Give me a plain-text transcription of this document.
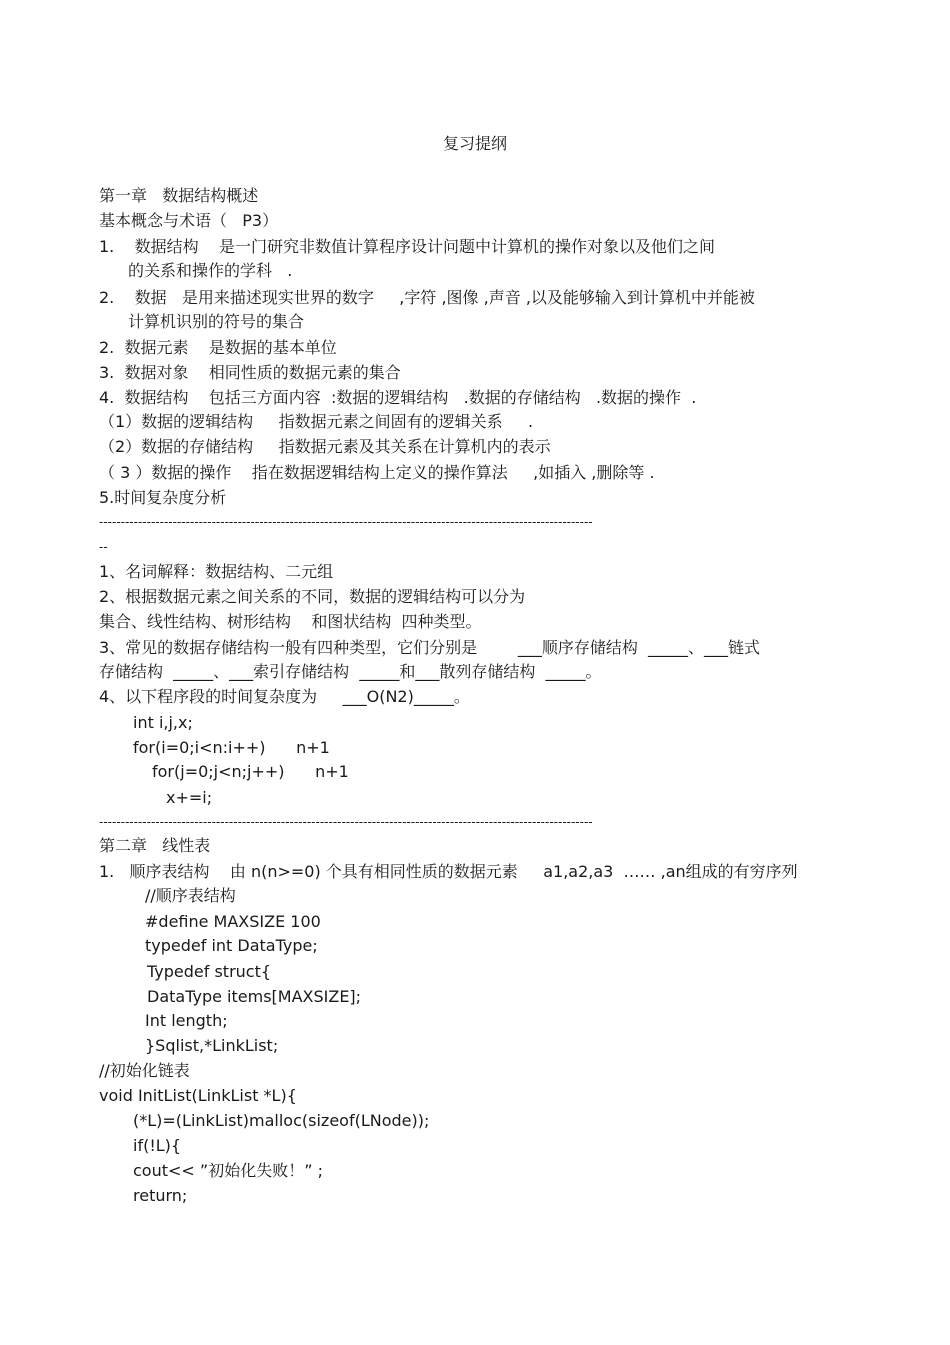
复习提纲
第一章   数据结构概述
基本概念与术语（   P3）
1.    数据结构    是一门研究非数值计算程序设计问题中计算机的操作对象以及他们之间
的关系和操作的学科   .
2.    数据   是用来描述现实世界的数字     ,字符 ,图像 ,声音 ,以及能够输入到计算机中并能被
计算机识别的符号的集合
2.  数据元素    是数据的基本单位
3.  数据对象    相同性质的数据元素的集合
4.  数据结构    包括三方面内容  :数据的逻辑结构   .数据的存储结构   .数据的操作  .
（1）数据的逻辑结构     指数据元素之间固有的逻辑关系     .
（2）数据的存储结构     指数据元素及其关系在计算机内的表示
（ 3 ）数据的操作    指在数据逻辑结构上定义的操作算法     ,如插入 ,删除等 .
5.时间复杂度分析
------------------------------------------------------------------------------------------------------------------
--
1、名词解释：数据结构、二元组
2、根据数据元素之间关系的不同，数据的逻辑结构可以分为
集合、线性结构、树形结构    和图状结构  四种类型。
3、常见的数据存储结构一般有四种类型，它们分别是        ___顺序存储结构  _____、___链式
存储结构  _____、___索引存储结构  _____和___散列存储结构  _____。
4、以下程序段的时间复杂度为     ___O(N2)_____。
int i,j,x;
for(i=0;i<n:i++)      n+1
for(j=0;j<n;j++)      n+1
x+=i;
------------------------------------------------------------------------------------------------------------------
第二章   线性表
1.   顺序表结构    由 n(n>=0) 个具有相同性质的数据元素     a1,a2,a3  …… ,an组成的有穷序列
//顺序表结构
#define MAXSIZE 100
typedef int DataType;
Typedef struct{
DataType items[MAXSIZE];
Int length;
}Sqlist,*LinkList;
//初始化链表
void InitList(LinkList *L){
(*L)=(LinkList)malloc(sizeof(LNode));
if(!L){
cout<< ”初始化失败！” ;
return;
